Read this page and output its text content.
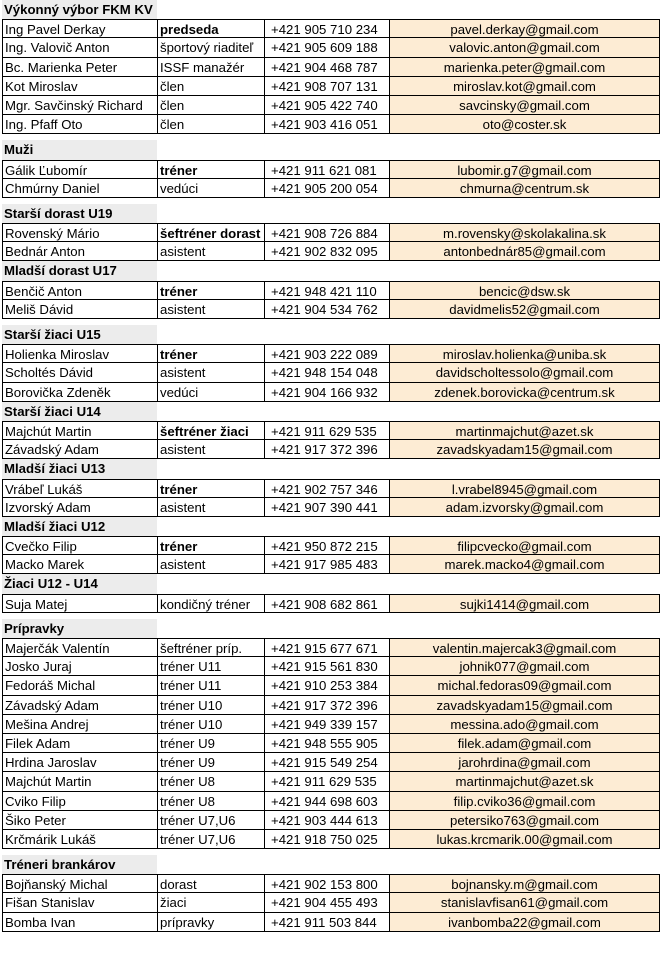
Výkonný výbor FKM KV
Ing Pavel Derkay	predseda	+421 905 710 234	pavel.derkay@gmail.com
Ing. Valovič Anton	športový riaditeľ	+421 905 609 188	valovic.anton@gmail.com
Bc. Marienka Peter	ISSF manažér	+421 904 468 787	marienka.peter@gmail.com
Kot Miroslav	člen	+421 908 707 131	miroslav.kot@gmail.com
Mgr. Savčinský Richard	člen	+421 905 422 740	savcinsky@gmail.com
Ing. Pfaff Oto	člen	+421 903 416 051	oto@coster.sk
Muži
Gálik Ľubomír	tréner	+421 911 621 081	lubomir.g7@gmail.com
Chmúrny Daniel	vedúci	+421 905 200 054	chmurna@centrum.sk
Starší dorast U19
Rovenský Mário	šeftréner dorast +421 908 726 884	m.rovensky@skolakalina.sk
Bednár Anton	asistent	+421 902 832 095	antonbednár85@gmail.com
Mladší dorast U17
Benčič Anton	tréner	+421 948 421 110	bencic@dsw.sk
Meliš Dávid	asistent	+421 904 534 762	davidmelis52@gmail.com
Starší žiaci U15
Holienka Miroslav	tréner	+421 903 222 089	miroslav.holienka@uniba.sk
Scholtés Dávid	asistent	+421 948 154 048	davidscholtessolo@gmail.com
Borovička Zdeněk	vedúci	+421 904 166 932	zdenek.borovicka@centrum.sk
Starší žiaci U14
Majchút Martin	šeftréner žiaci	+421 911 629 535	martinmajchut@azet.sk
Závadský Adam	asistent	+421 917 372 396	zavadskyadam15@gmail.com
Mladší žiaci U13
Vrábeľ Lukáš	tréner	+421 902 757 346	l.vrabel8945@gmail.com
Izvorský Adam	asistent	+421 907 390 441	adam.izvorsky@gmail.com
Mladší žiaci U12
Cvečko Filip	tréner	+421 950 872 215	filipcvecko@gmail.com
Macko Marek	asistent	+421 917 985 483	marek.macko4@gmail.com
Žiaci U12 - U14
Suja Matej	kondičný tréner	+421 908 682 861	sujki1414@gmail.com
Prípravky
Majerčák Valentín	šeftréner príp.	+421 915 677 671	valentin.majercak3@gmail.com
Josko Juraj	tréner U11	+421 915 561 830	johnik077@gmail.com
Fedoráš Michal	tréner U11	+421 910 253 384	michal.fedoras09@gmail.com
Závadský Adam	tréner U10	+421 917 372 396	zavadskyadam15@gmail.com
Mešina Andrej	tréner U10	+421 949 339 157	messina.ado@gmail.com
Filek Adam	tréner U9	+421 948 555 905	filek.adam@gmail.com
Hrdina Jaroslav	tréner U9	+421 915 549 254	jarohrdina@gmail.com
Majchút Martin	tréner U8	+421 911 629 535	martinmajchut@azet.sk
Cviko Filip	tréner U8	+421 944 698 603	filip.cviko36@gmail.com
Šiko Peter	tréner U7,U6	+421 903 444 613	petersiko763@gmail.com
Krčmárik Lukáš	tréner U7,U6	+421 918 750 025	lukas.krcmarik.00@gmail.com
Tréneri brankárov
Bojňanský Michal	dorast	+421 902 153 800	bojnansky.m@gmail.com
Fišan Stanislav	žiaci	+421 904 455 493	stanislavfisan61@gmail.com
Bomba Ivan	prípravky	+421 911 503 844	ivanbomba22@gmail.com
